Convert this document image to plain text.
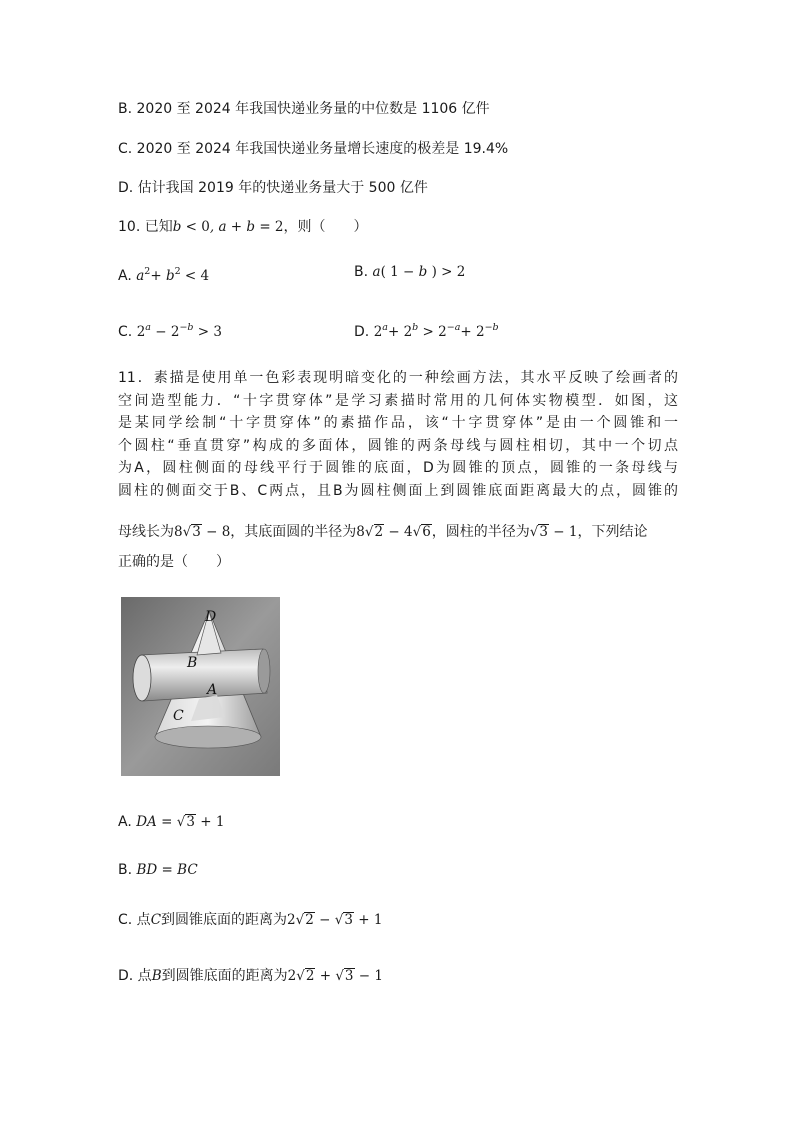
B. 2020 至 2024 年我国快递业务量的中位数是 1106 亿件
C. 2020 至 2024 年我国快递业务量增长速度的极差是 19.4%
D. 估计我国 2019 年的快递业务量大于 500 亿件
10. 已知b < 0, a + b = 2，则（　　）
A. $a^2+ b^2 < 4$	B. a( 1 − b ) > 2
C. $2^a - 2^{-b} > 3$	D. $2^a+ 2^b > 2^{-a}+ 2^{-b}$
11．素描是使用单一色彩表现明暗变化的一种绘画方法，其水平反映了绘画者的
空间造型能力．“十字贯穿体”是学习素描时常用的几何体实物模型．如图，这
是某同学绘制“十字贯穿体”的素描作品，该“十字贯穿体”是由一个圆锥和一
个圆柱“垂直贯穿”构成的多面体，圆锥的两条母线与圆柱相切，其中一个切点
为A，圆柱侧面的母线平行于圆锥的底面，D为圆锥的顶点，圆锥的一条母线与
圆柱的侧面交于B、C两点，且B为圆柱侧面上到圆锥底面距离最大的点，圆锥的
母线长为8√3 − 8，其底面圆的半径为8√2 − 4√6，圆柱的半径为√3 − 1，下列结论
正确的是（　　）
D
B
A
C
A. DA = √3 + 1
B. BD = BC
C. 点C到圆锥底面的距离为2√2 − √3 + 1
D. 点B到圆锥底面的距离为2√2 + √3 − 1
